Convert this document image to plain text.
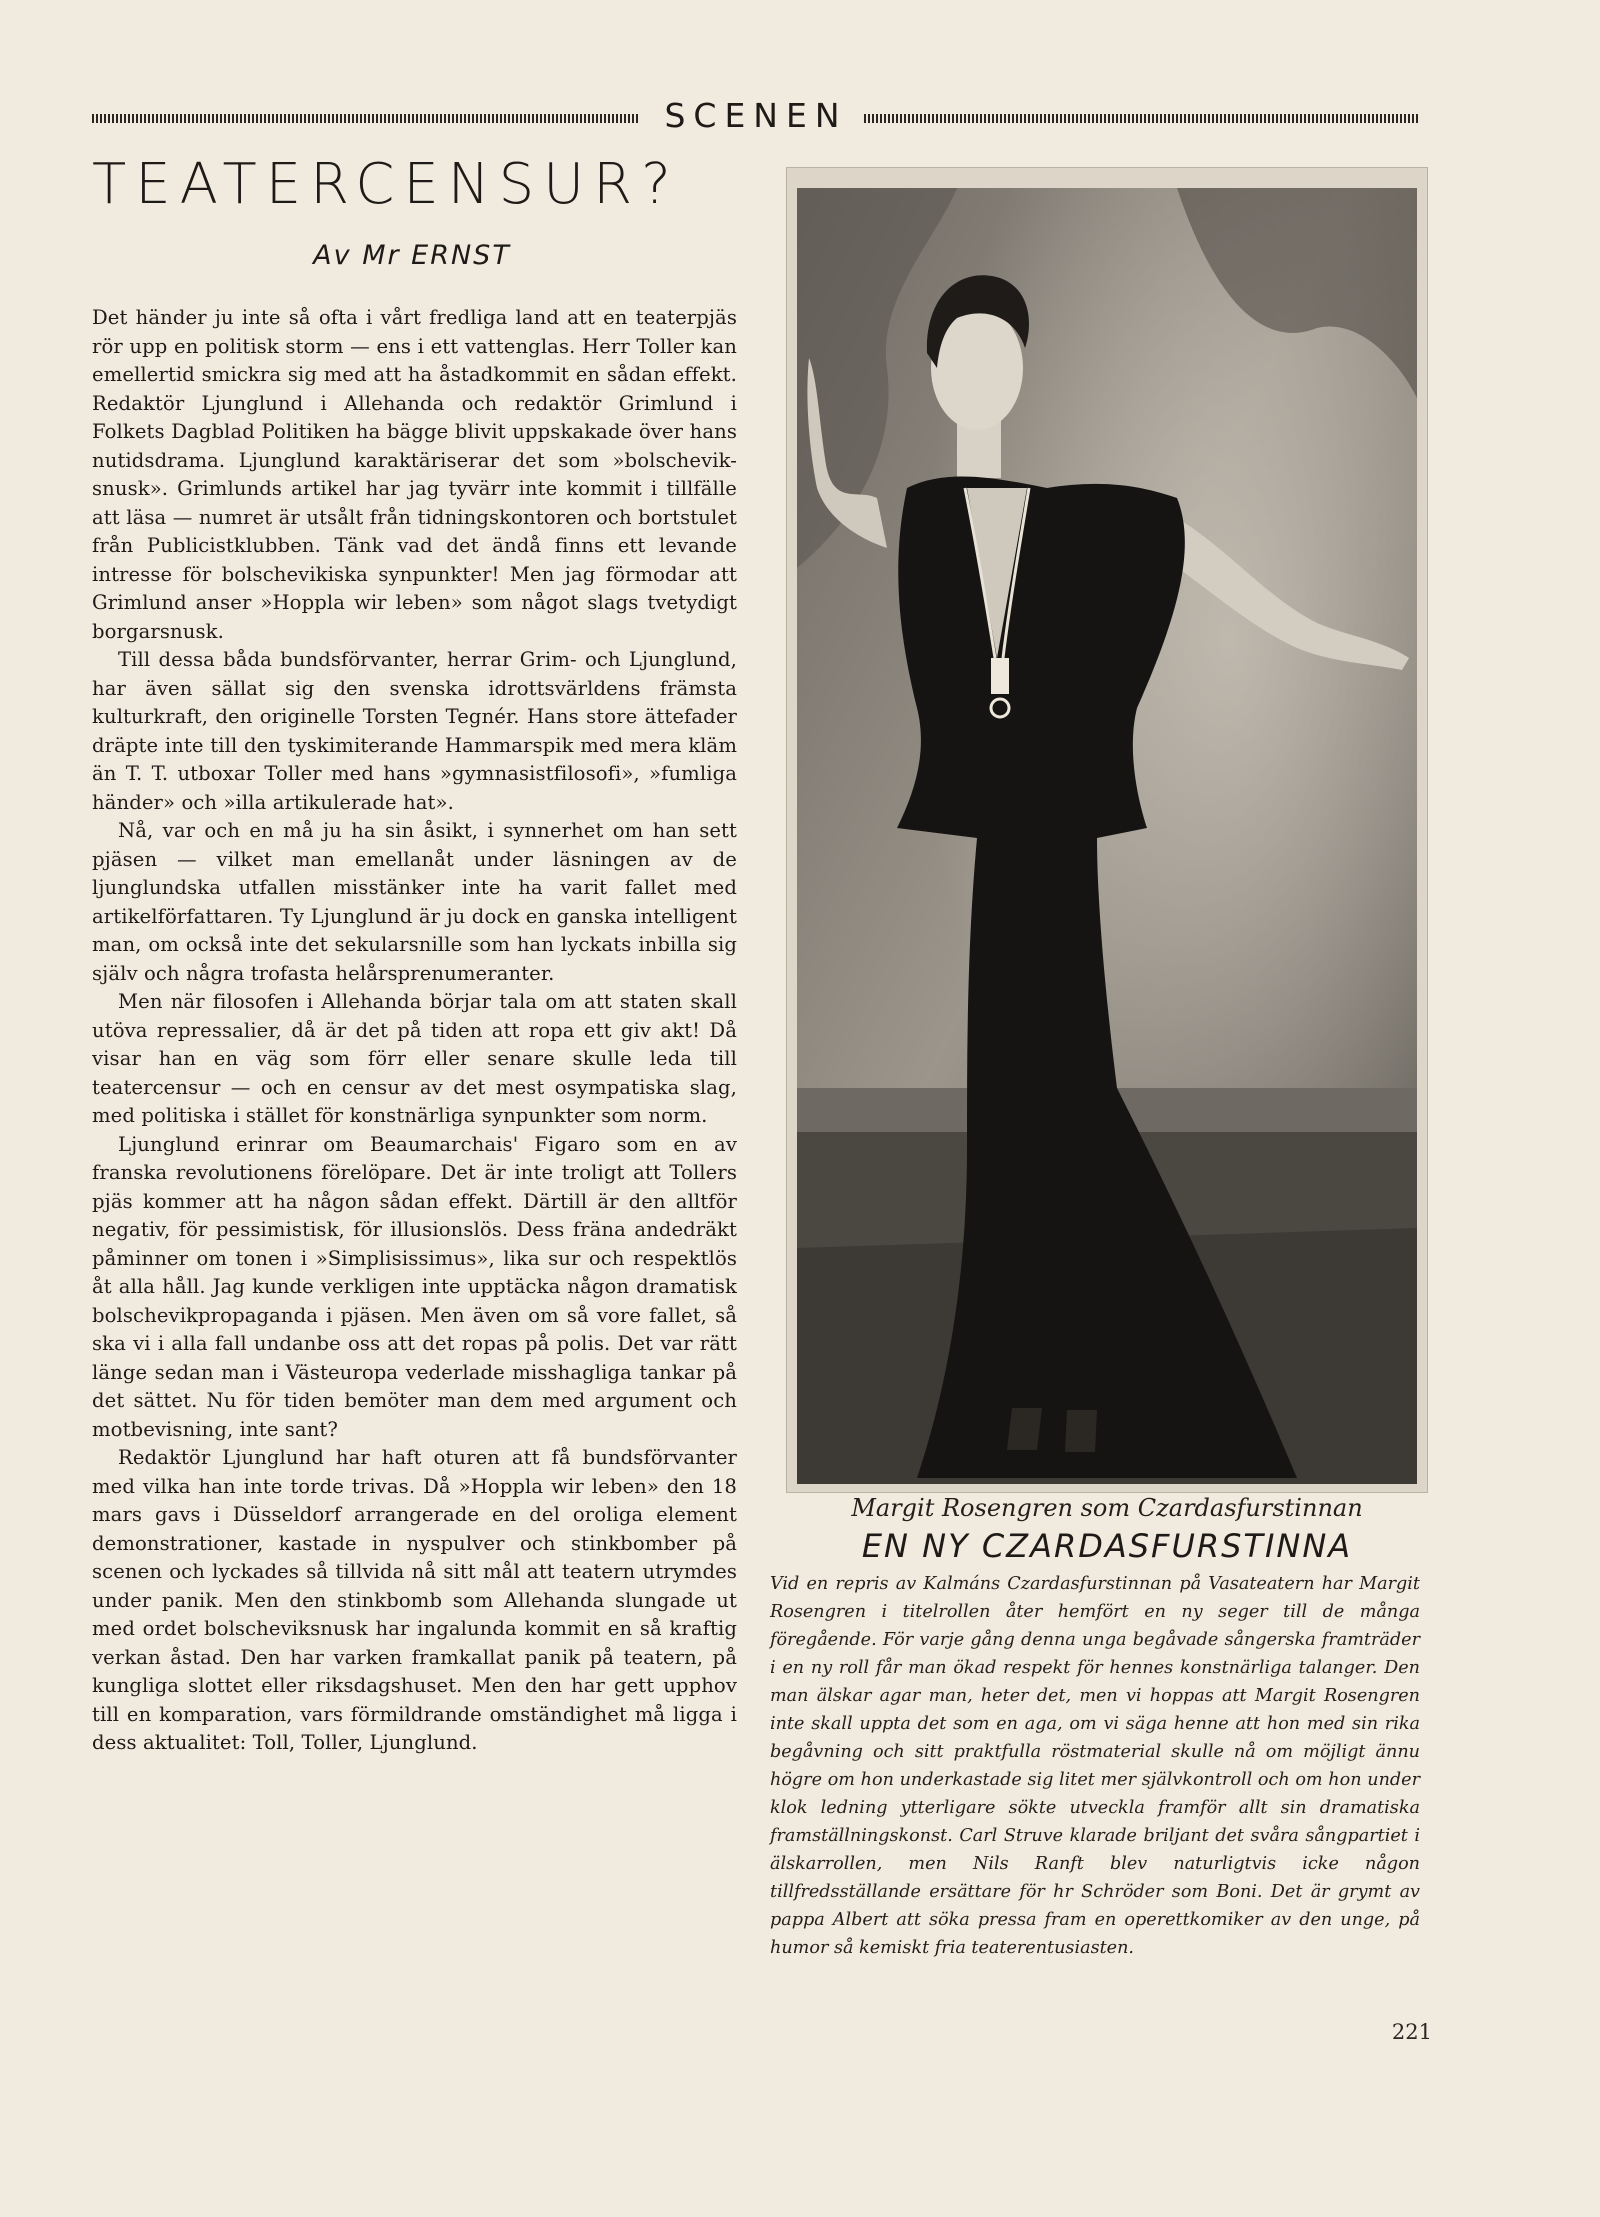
SCENEN
TEATERCENSUR?
Av Mr ERNST

Det händer ju inte så ofta i vårt fredliga land att en teaterpjäs rör upp en politisk storm — ens i ett vattenglas. Herr Toller kan emellertid smickra sig med att ha åstadkommit en sådan effekt. Redaktör Ljunglund i Allehanda och redaktör Grimlund i Folkets Dagblad Politiken ha bägge blivit uppskakade över hans nutidsdrama. Ljunglund karaktäriserar det som »bolschevik-snusk». Grimlunds artikel har jag tyvärr inte kommit i tillfälle att läsa — numret är utsålt från tidningskontoren och bortstulet från Publicistklubben. Tänk vad det ändå finns ett levande intresse för bolschevikiska synpunkter! Men jag förmodar att Grimlund anser »Hoppla wir leben» som något slags tvetydigt borgarsnusk.

Till dessa båda bundsförvanter, herrar Grim- och Ljunglund, har även sällat sig den svenska idrottsvärldens främsta kulturkraft, den originelle Torsten Tegnér. Hans store ättefader dräpte inte till den tyskimiterande Hammarspik med mera kläm än T. T. utboxar Toller med hans »gymnasistfilosofi», »fumliga händer» och »illa artikulerade hat».

Nå, var och en må ju ha sin åsikt, i synnerhet om han sett pjäsen — vilket man emellanåt under läsningen av de ljunglundska utfallen misstänker inte ha varit fallet med artikelförfattaren. Ty Ljunglund är ju dock en ganska intelligent man, om också inte det sekularsnille som han lyckats inbilla sig själv och några trofasta helårsprenumeranter.

Men när filosofen i Allehanda börjar tala om att staten skall utöva repressalier, då är det på tiden att ropa ett giv akt! Då visar han en väg som förr eller senare skulle leda till teatercensur — och en censur av det mest osympatiska slag, med politiska i stället för konstnärliga synpunkter som norm.

Ljunglund erinrar om Beaumarchais' Figaro som en av franska revolutionens förelöpare. Det är inte troligt att Tollers pjäs kommer att ha någon sådan effekt. Därtill är den alltför negativ, för pessimistisk, för illusionslös. Dess fräna andedräkt påminner om tonen i »Simplisissimus», lika sur och respektlös åt alla håll. Jag kunde verkligen inte upptäcka någon dramatisk bolschevikpropaganda i pjäsen. Men även om så vore fallet, så ska vi i alla fall undanbe oss att det ropas på polis. Det var rätt länge sedan man i Västeuropa vederlade misshagliga tankar på det sättet. Nu för tiden bemöter man dem med argument och motbevisning, inte sant?

Redaktör Ljunglund har haft oturen att få bundsförvanter med vilka han inte torde trivas. Då »Hoppla wir leben» den 18 mars gavs i Düsseldorf arrangerade en del oroliga element demonstrationer, kastade in nyspulver och stinkbomber på scenen och lyckades så tillvida nå sitt mål att teatern utrymdes under panik. Men den stinkbomb som Allehanda slungade ut med ordet bolscheviksnusk har ingalunda kommit en så kraftig verkan åstad. Den har varken framkallat panik på teatern, på kungliga slottet eller riksdagshuset. Men den har gett upphov till en komparation, vars förmildrande omständighet må ligga i dess aktualitet: Toll, Toller, Ljunglund.

Margit Rosengren som Czardasfurstinnan
EN NY CZARDASFURSTINNA

Vid en repris av Kalmáns Czardasfurstinnan på Vasateatern har Margit Rosengren i titelrollen åter hemfört en ny seger till de många föregående. För varje gång denna unga begåvade sångerska framträder i en ny roll får man ökad respekt för hennes konstnärliga talanger. Den man älskar agar man, heter det, men vi hoppas att Margit Rosengren inte skall uppta det som en aga, om vi säga henne att hon med sin rika begåvning och sitt praktfulla röstmaterial skulle nå om möjligt ännu högre om hon underkastade sig litet mer självkontroll och om hon under klok ledning ytterligare sökte utveckla framför allt sin dramatiska framställningskonst. Carl Struve klarade briljant det svåra sångpartiet i älskarrollen, men Nils Ranft blev naturligtvis icke någon tillfredsställande ersättare för hr Schröder som Boni. Det är grymt av pappa Albert att söka pressa fram en operettkomiker av den unge, på humor så kemiskt fria teaterentusiasten.

221
